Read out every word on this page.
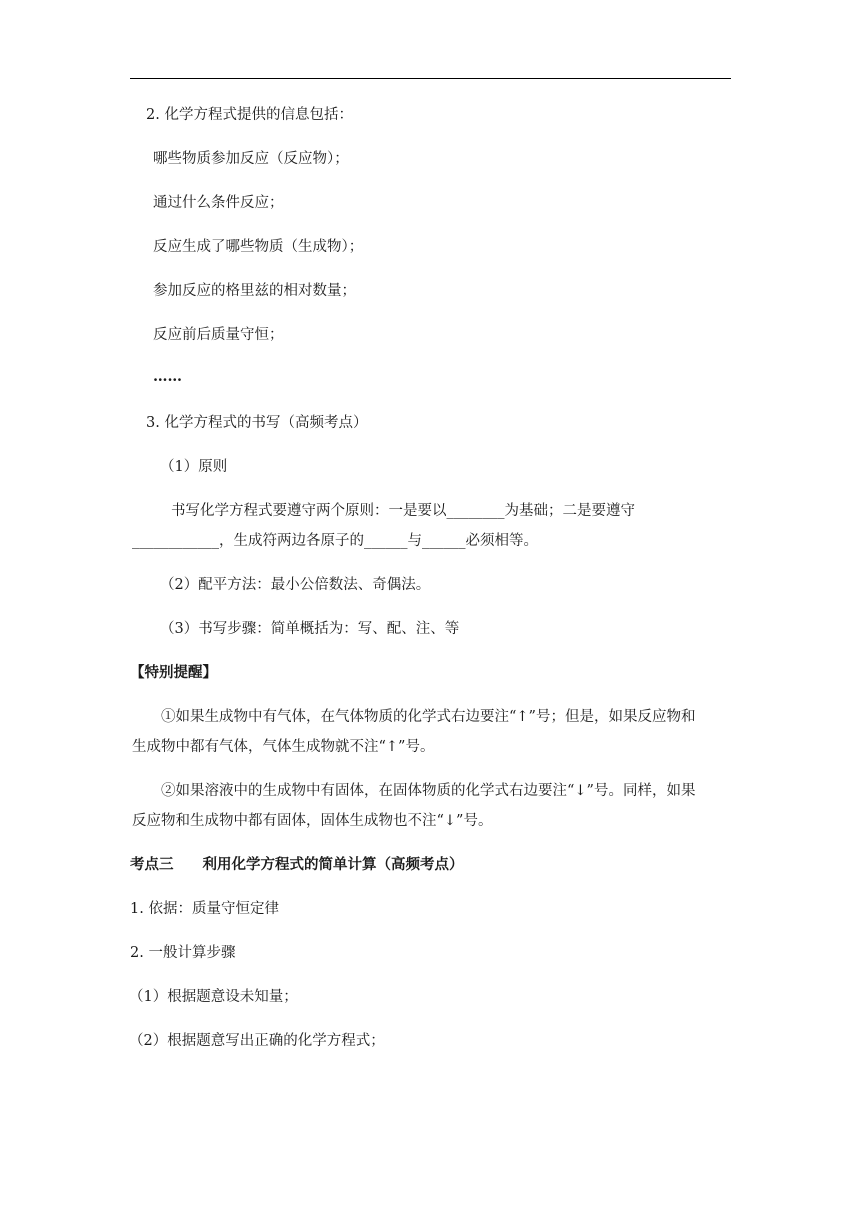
2. 化学方程式提供的信息包括：
哪些物质参加反应（反应物）；
通过什么条件反应；
反应生成了哪些物质（生成物）；
参加反应的格里兹的相对数量；
反应前后质量守恒；
……
3. 化学方程式的书写（高频考点）
（1）原则
书写化学方程式要遵守两个原则：一是要以________为基础；二是要遵守
____________，生成符两边各原子的______与______必须相等。
（2）配平方法：最小公倍数法、奇偶法。
（3）书写步骤：简单概括为：写、配、注、等
【特别提醒】
①如果生成物中有气体，在气体物质的化学式右边要注“↑”号；但是，如果反应物和
生成物中都有气体，气体生成物就不注“↑”号。
②如果溶液中的生成物中有固体，在固体物质的化学式右边要注“↓”号。同样，如果
反应物和生成物中都有固体，固体生成物也不注“↓”号。
考点三　　利用化学方程式的简单计算（高频考点）
1. 依据：质量守恒定律
2. 一般计算步骤
（1）根据题意设未知量；
（2）根据题意写出正确的化学方程式；
